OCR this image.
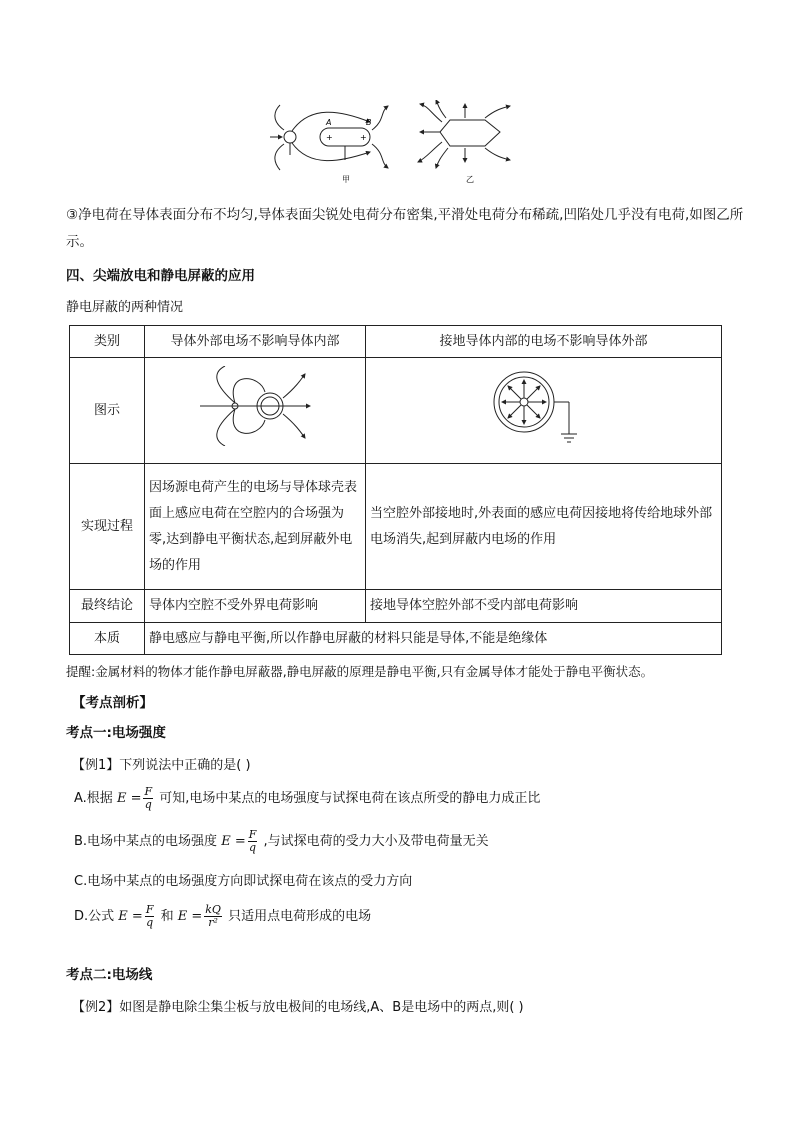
A	B
+	+
甲	乙
③净电荷在导体表面分布不均匀,导体表面尖锐处电荷分布密集,平滑处电荷分布稀疏,凹陷处几乎没有电荷,如图乙所示。
四、尖端放电和静电屏蔽的应用
静电屏蔽的两种情况
类别	导体外部电场不影响导体内部	接地导体内部的电场不影响导体外部
图示		
实现过程	因场源电荷产生的电场与导体球壳表面上感应电荷在空腔内的合场强为零,达到静电平衡状态,起到屏蔽外电场的作用	当空腔外部接地时,外表面的感应电荷因接地将传给地球外部电场消失,起到屏蔽内电场的作用

最终结论	导体内空腔不受外界电荷影响	接地导体空腔外部不受内部电荷影响

本质	静电感应与静电平衡,所以作静电屏蔽的材料只能是导体,不能是绝缘体	
提醒:金属材料的物体才能作静电屏蔽器,静电屏蔽的原理是静电平衡,只有金属导体才能处于静电平衡状态。
【考点剖析】
考点一:电场强度
【例1】下列说法中正确的是( )
A.根据 $E = \frac{F}{q}$ 可知,电场中某点的电场强度与试探电荷在该点所受的静电力成正比
B.电场中某点的电场强度 $E = \frac{F}{q}$ ,与试探电荷的受力大小及带电荷量无关
C.电场中某点的电场强度方向即试探电荷在该点的受力方向
D.公式 $E = \frac{F}{q}$ 和 $E = \frac{kQ}{\text{r²}}$ 只适用点电荷形成的电场
考点二:电场线
【例2】如图是静电除尘集尘板与放电极间的电场线,A、B是电场中的两点,则( )
